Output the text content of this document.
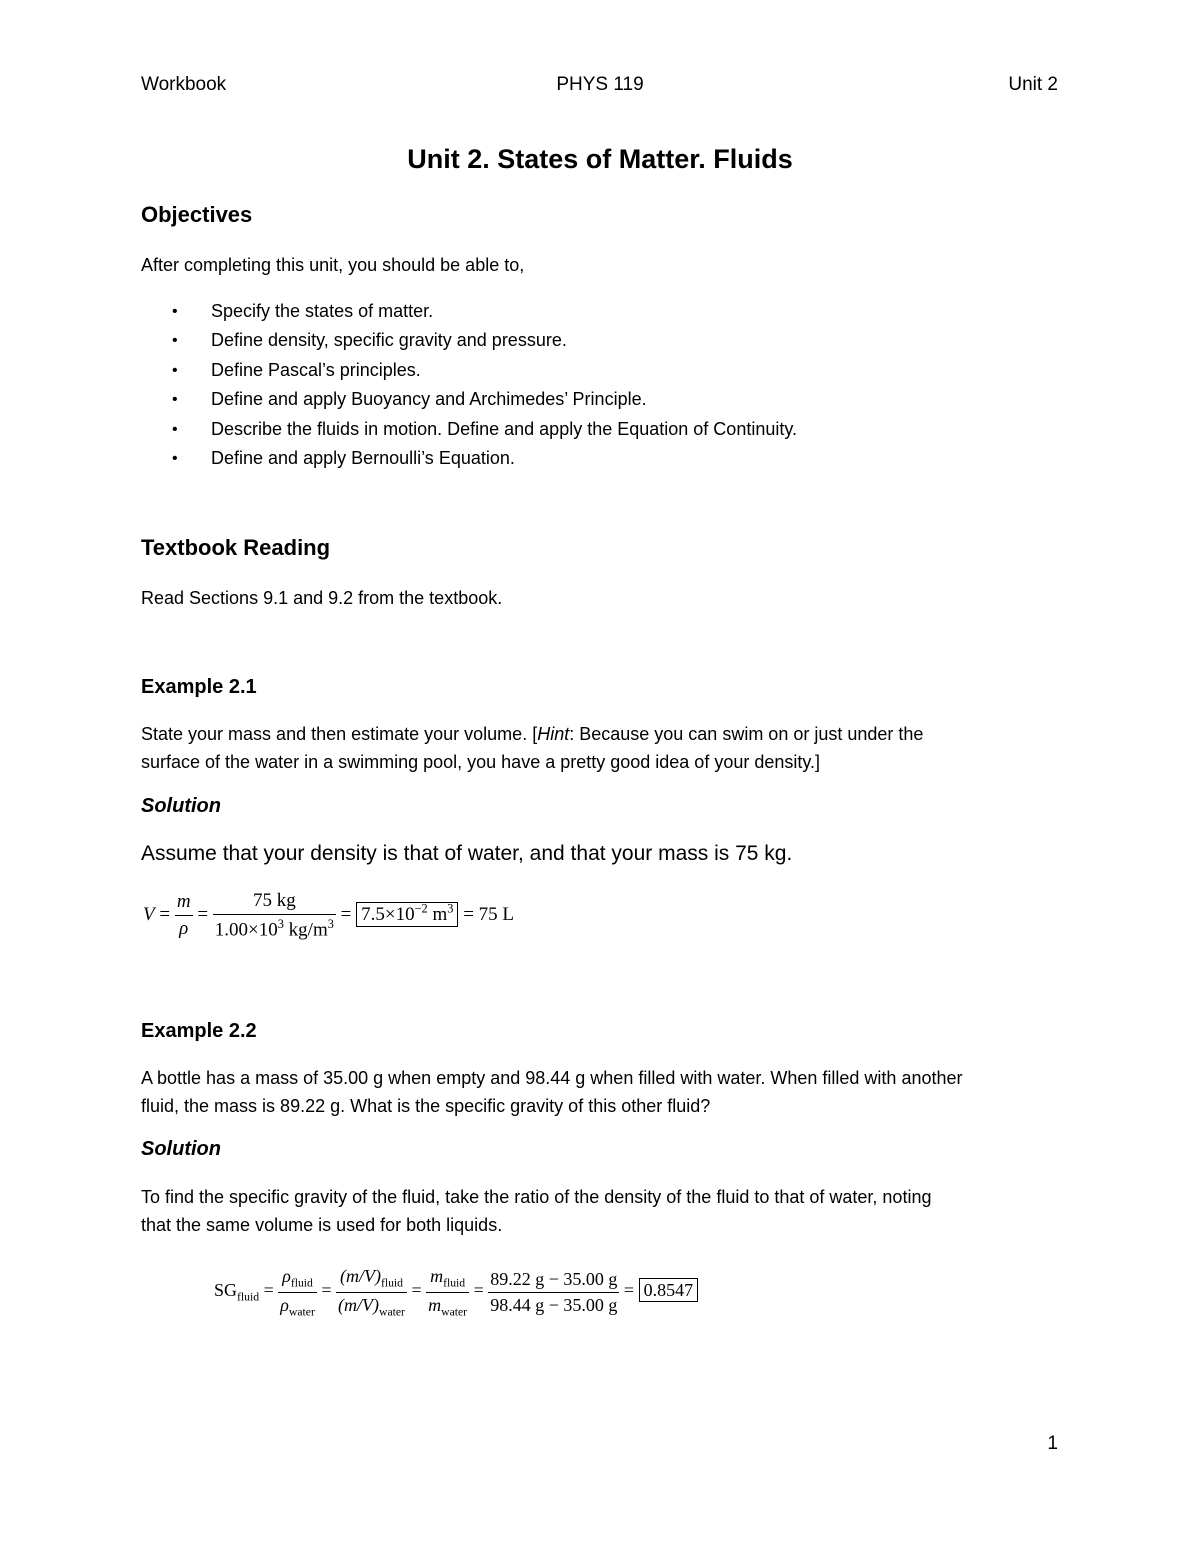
Workbook	PHYS 119	Unit 2
Unit 2. States of Matter. Fluids
Objectives
After completing this unit, you should be able to,
• Specify the states of matter.
• Define density, specific gravity and pressure.
• Define Pascal’s principles.
• Define and apply Buoyancy and Archimedes’ Principle.
• Describe the fluids in motion. Define and apply the Equation of Continuity.
• Define and apply Bernoulli’s Equation.
Textbook Reading
Read Sections 9.1 and 9.2 from the textbook.
Example 2.1
State your mass and then estimate your volume. [Hint: Because you can swim on or just under the
surface of the water in a swimming pool, you have a pretty good idea of your density.]
Solution
Assume that your density is that of water, and that your mass is 75 kg.
$V = \frac{m}{\rho} = \frac{75 kg}{1.00\times 10^3 kg/m^3} = 7.5\times 10^{-2}$ $m^3 = 75$ L
Example 2.2
A bottle has a mass of 35.00 g when empty and 98.44 g when filled with water. When filled with another
fluid, the mass is 89.22 g. What is the specific gravity of this other fluid?
Solution
To find the specific gravity of the fluid, take the ratio of the density of the fluid to that of water, noting
that the same volume is used for both liquids.
$SG_{fluid} = \frac{\rho_{fluid}}{\rho_{water}} = \frac{(m/V)_{fluid}}{(m/V)_{water}} = \frac{m_{fluid}}{m_{water}} = \frac{89.22 g - 35.00 g}{98.44 g - 35.00 g} = 0.8547$
1
